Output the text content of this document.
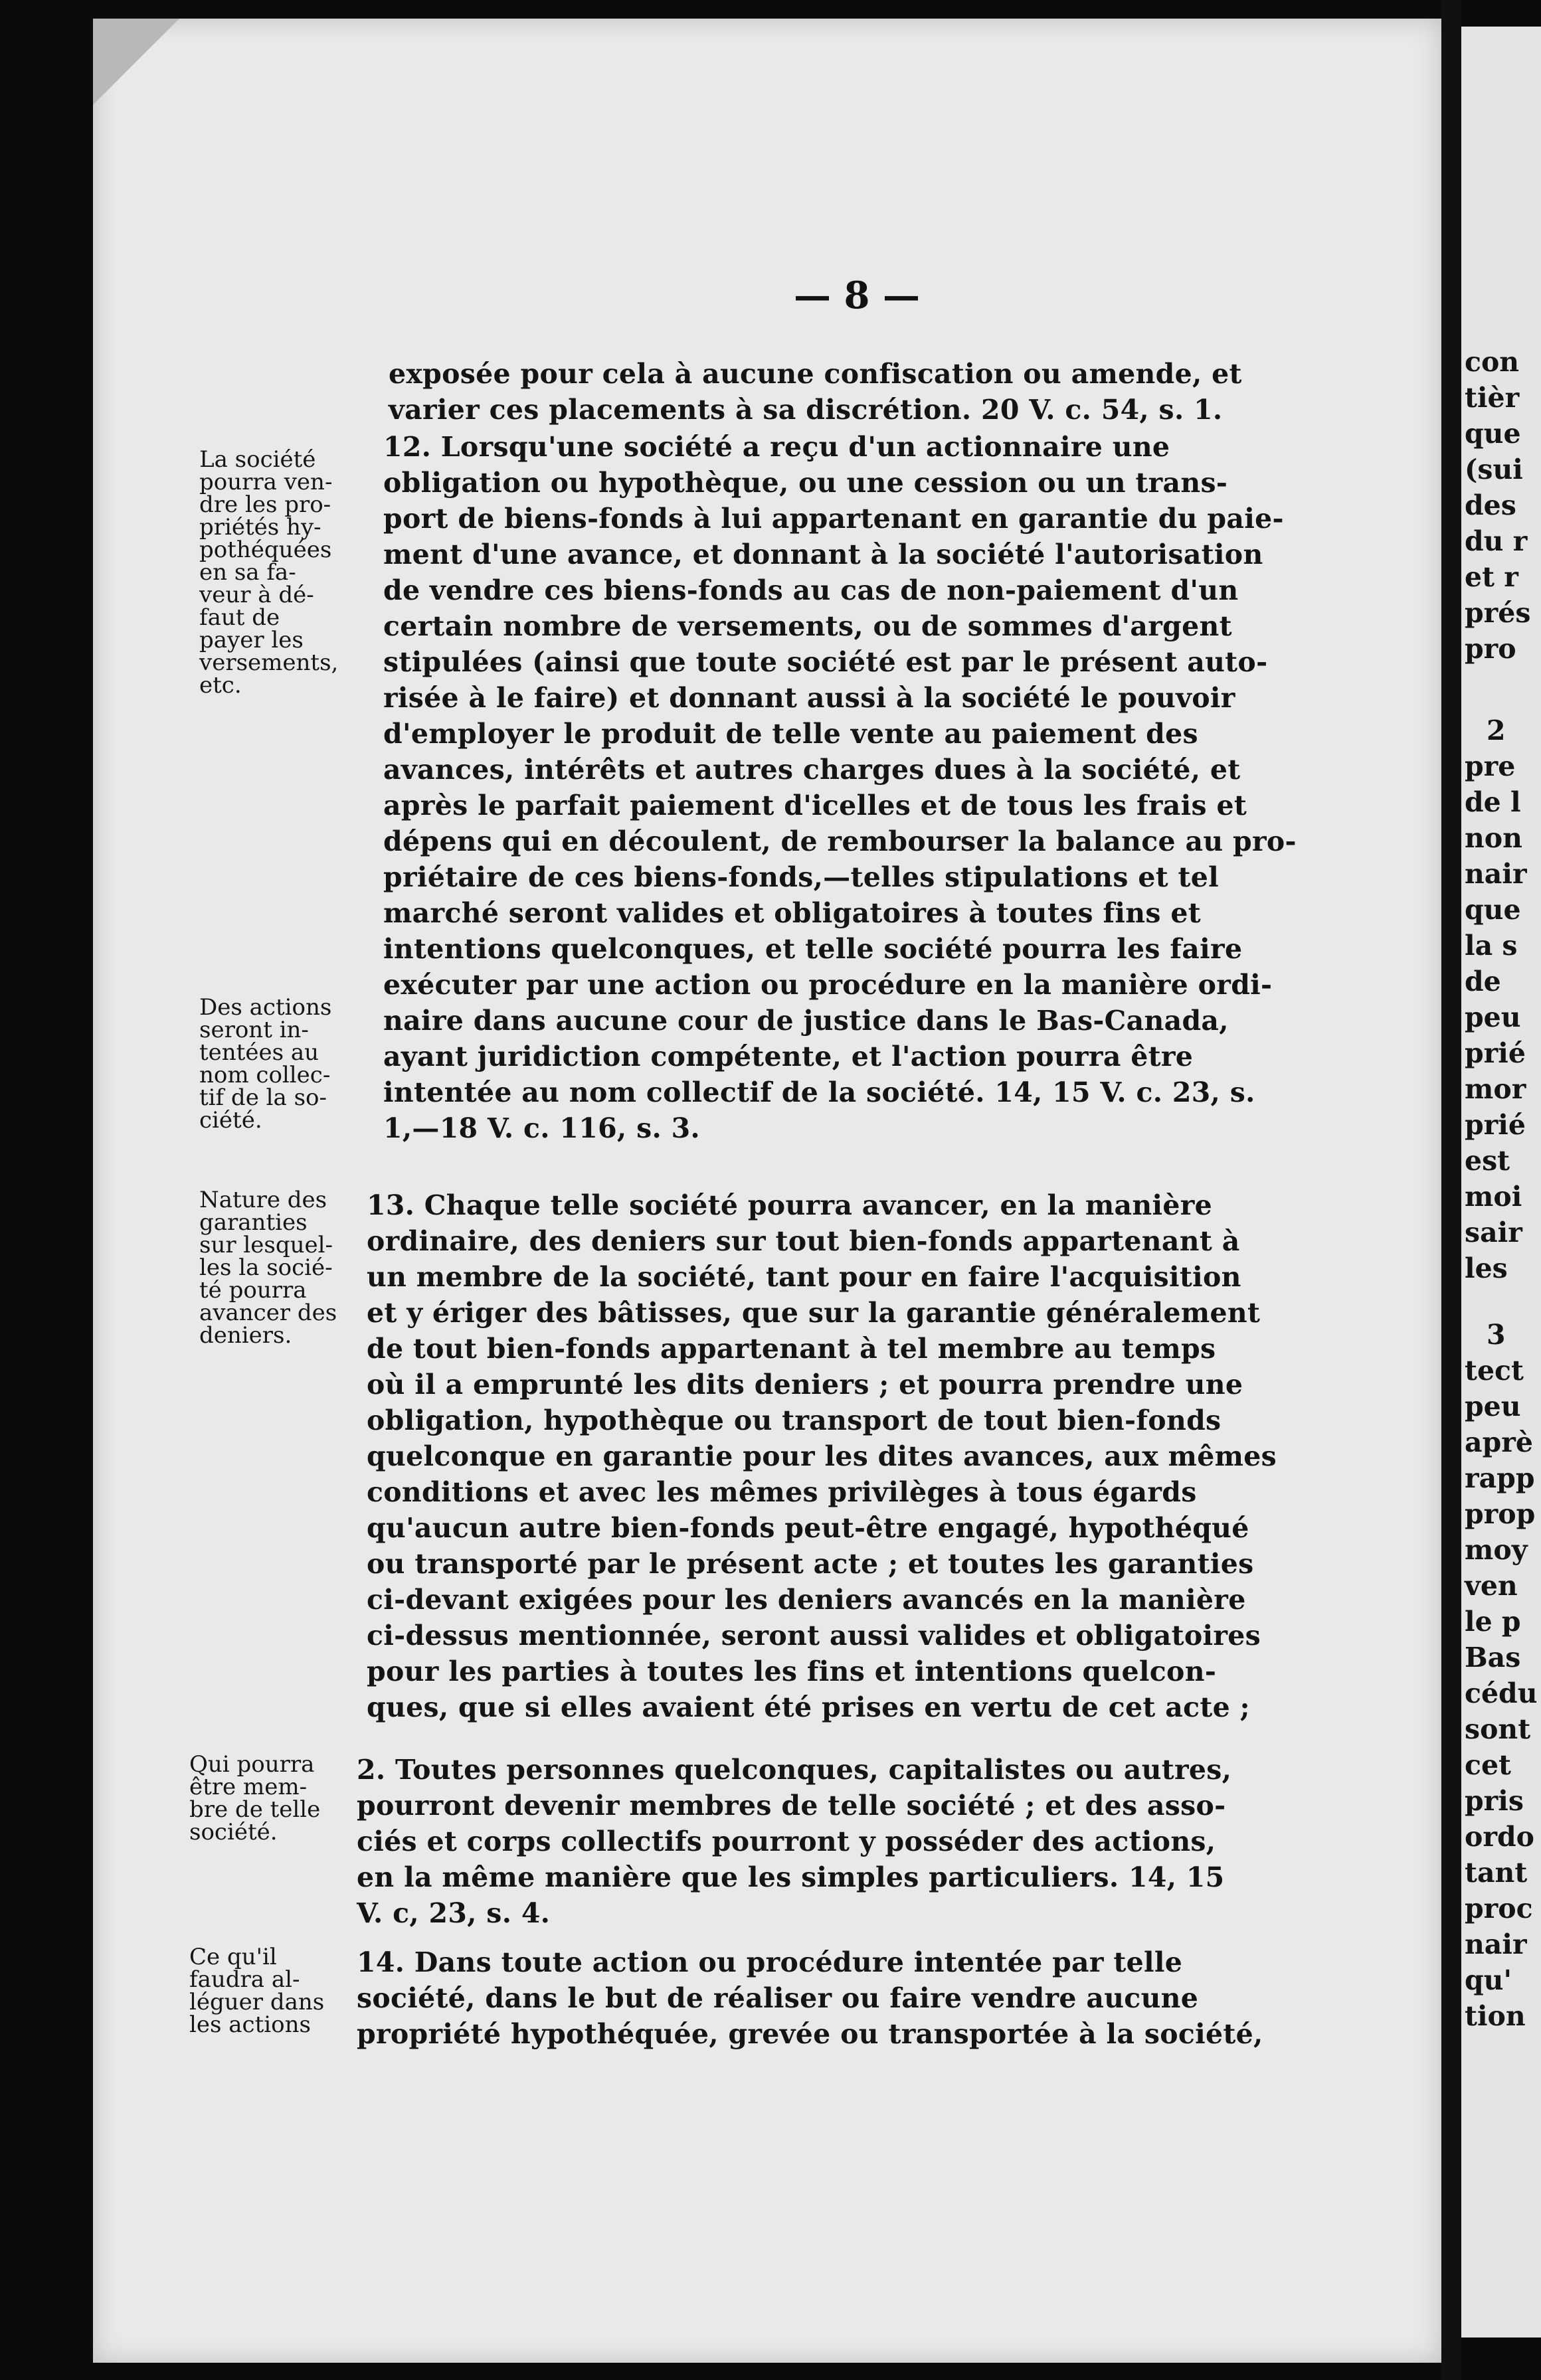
— 8 —
exposée pour cela à aucune confiscation ou amende, et
varier ces placements à sa discrétion. 20 V. c. 54, s. 1.
12. Lorsqu'une société a reçu d'un actionnaire une
obligation ou hypothèque, ou une cession ou un trans-
port de biens-fonds à lui appartenant en garantie du paie-
ment d'une avance, et donnant à la société l'autorisation
de vendre ces biens-fonds au cas de non-paiement d'un
certain nombre de versements, ou de sommes d'argent
stipulées (ainsi que toute société est par le présent auto-
risée à le faire) et donnant aussi à la société le pouvoir
d'employer le produit de telle vente au paiement des
avances, intérêts et autres charges dues à la société, et
après le parfait paiement d'icelles et de tous les frais et
dépens qui en découlent, de rembourser la balance au pro-
priétaire de ces biens-fonds,—telles stipulations et tel
marché seront valides et obligatoires à toutes fins et
intentions quelconques, et telle société pourra les faire
exécuter par une action ou procédure en la manière ordi-
naire dans aucune cour de justice dans le Bas-Canada,
ayant juridiction compétente, et l'action pourra être
intentée au nom collectif de la société. 14, 15 V. c. 23, s.
1,—18 V. c. 116, s. 3.
13. Chaque telle société pourra avancer, en la manière
ordinaire, des deniers sur tout bien-fonds appartenant à
un membre de la société, tant pour en faire l'acquisition
et y ériger des bâtisses, que sur la garantie généralement
de tout bien-fonds appartenant à tel membre au temps
où il a emprunté les dits deniers ; et pourra prendre une
obligation, hypothèque ou transport de tout bien-fonds
quelconque en garantie pour les dites avances, aux mêmes
conditions et avec les mêmes privilèges à tous égards
qu'aucun autre bien-fonds peut-être engagé, hypothéqué
ou transporté par le présent acte ; et toutes les garanties
ci-devant exigées pour les deniers avancés en la manière
ci-dessus mentionnée, seront aussi valides et obligatoires
pour les parties à toutes les fins et intentions quelcon-
ques, que si elles avaient été prises en vertu de cet acte ;
2. Toutes personnes quelconques, capitalistes ou autres,
pourront devenir membres de telle société ; et des asso-
ciés et corps collectifs pourront y posséder des actions,
en la même manière que les simples particuliers. 14, 15
V. c, 23, s. 4.
14. Dans toute action ou procédure intentée par telle
société, dans le but de réaliser ou faire vendre aucune
propriété hypothéquée, grevée ou transportée à la société,
La société
pourra ven-
dre les pro-
priétés hy-
pothéquées
en sa fa-
veur à dé-
faut de
payer les
versements,
etc.
Des actions
seront in-
tentées au
nom collec-
tif de la so-
ciété.
Nature des
garanties
sur lesquel-
les la socié-
té pourra
avancer des
deniers.
Qui pourra
être mem-
bre de telle
société.
Ce qu'il
faudra al-
léguer dans
les actions
con
tièr
que
(sui
des
du r
et r
prés
pro
2
pre
de l
non
nair
que
la s
de
peu
prié
mor
prié
est
moi
sair
les
3
tect
peu
aprè
rapp
prop
moy
ven
le p
Bas
cédu
sont
cet
pris
ordo
tant
proc
nair
qu'
tion
